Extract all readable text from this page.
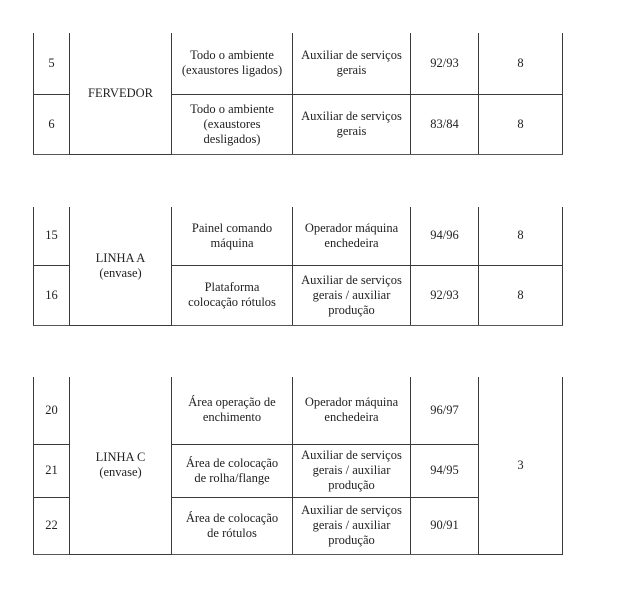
5	FERVEDOR	Todo o ambiente
(exaustores ligados)	Auxiliar de serviços
gerais	92/93	8
6		Todo o ambiente
(exaustores
desligados)	Auxiliar de serviços
gerais	83/84	8
15	LINHA A
(envase)	Painel comando
máquina	Operador máquina
enchedeira	94/96	8
16		Plataforma
colocação rótulos	Auxiliar de serviços
gerais / auxiliar
produção	92/93	8
20	LINHA C
(envase)	Área operação de
enchimento	Operador máquina
enchedeira	96/97	3
21		Área de colocação
de rolha/flange	Auxiliar de serviços
gerais / auxiliar
produção	94/95	
22		Área de colocação
de rótulos	Auxiliar de serviços
gerais / auxiliar
produção	90/91	
